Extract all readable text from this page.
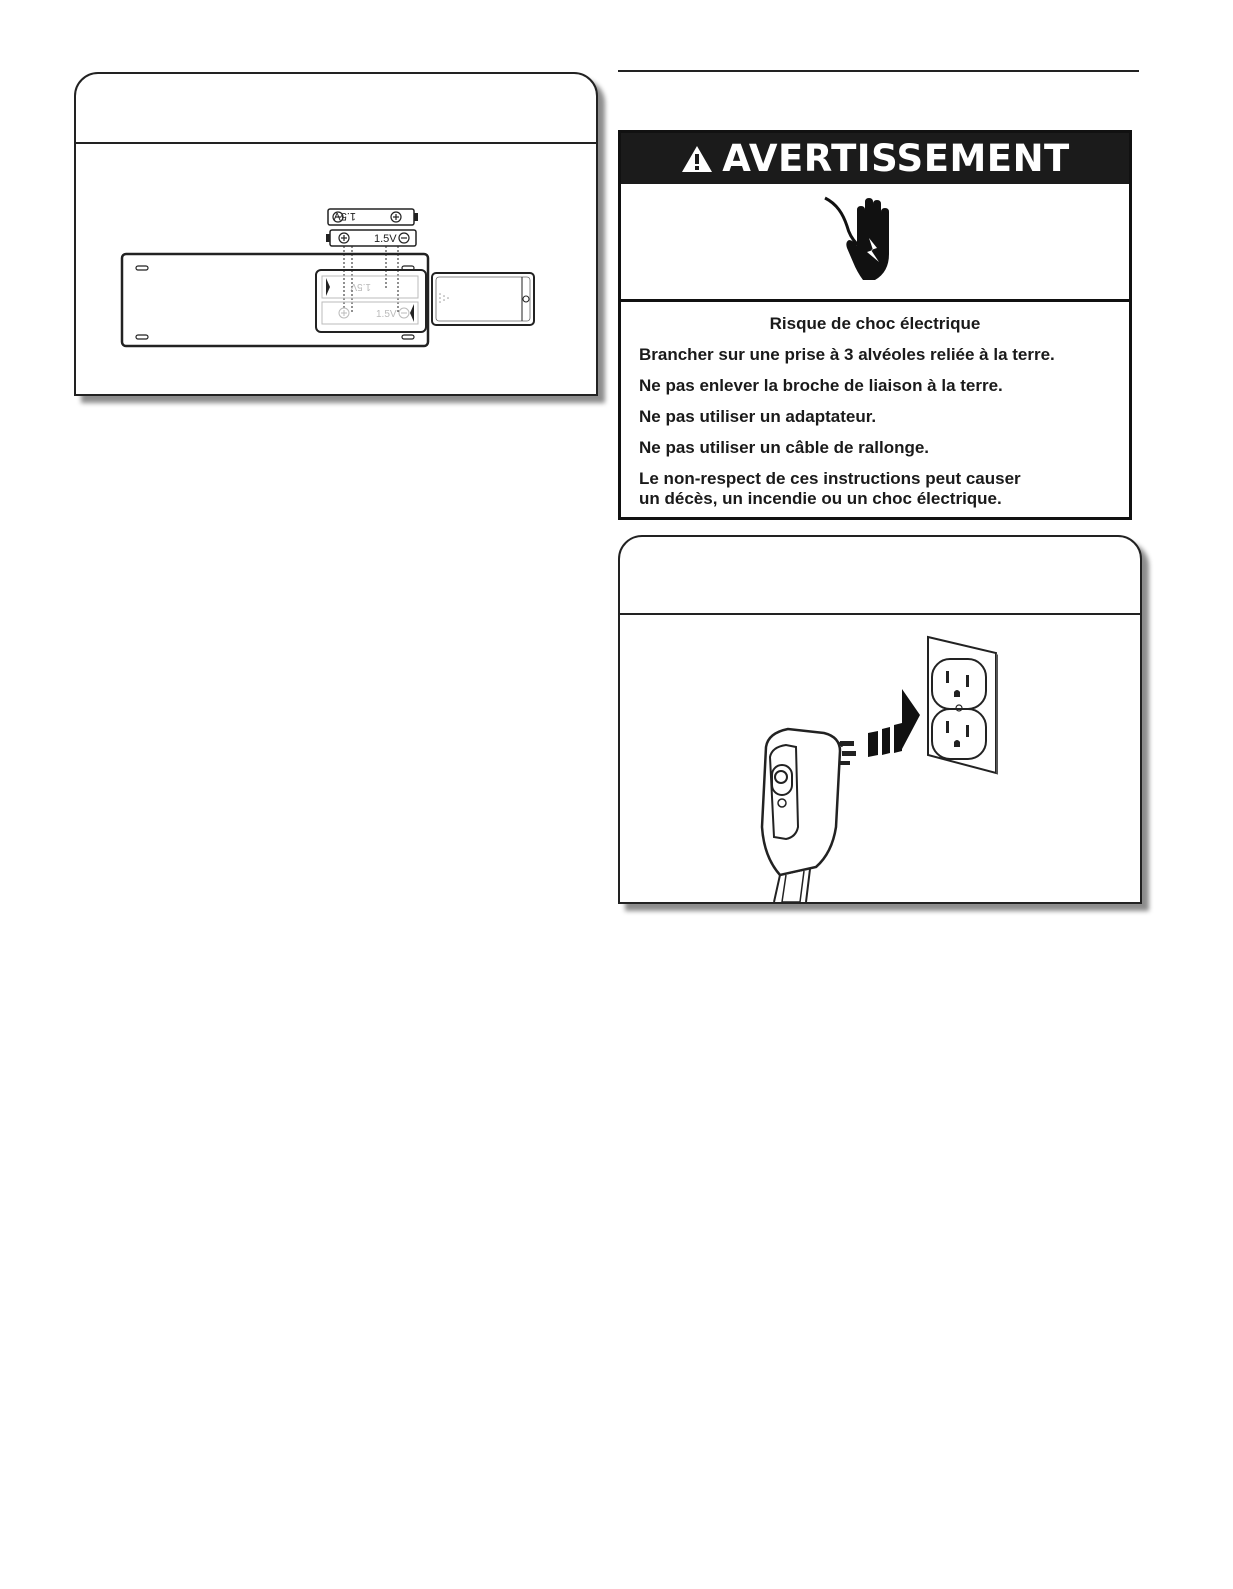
1.5V
1.5V
1.5V
1.5V
AVERTISSEMENT
Risque de choc électrique
Brancher sur une prise à 3 alvéoles reliée à la terre.
Ne pas enlever la broche de liaison à la terre.
Ne pas utiliser un adaptateur.
Ne pas utiliser un câble de rallonge.
Le non-respect de ces instructions peut causer
un décès, un incendie ou un choc électrique.
